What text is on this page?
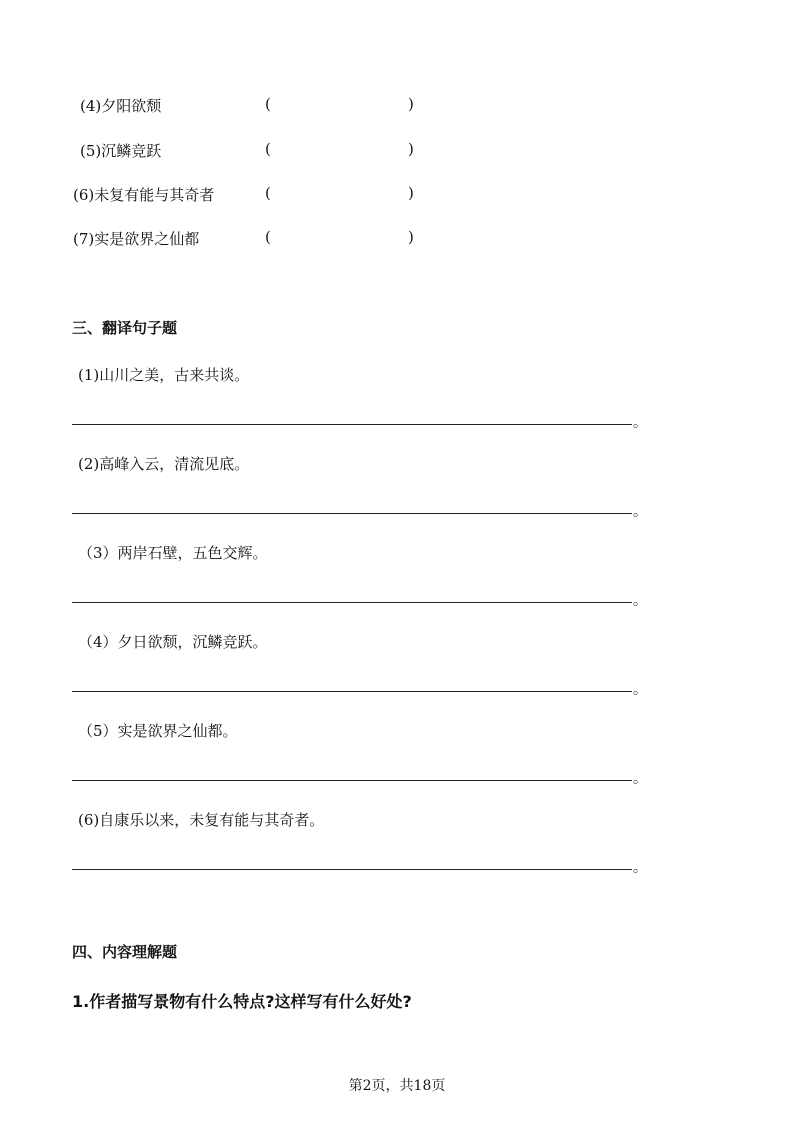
(4)夕阳欲颓	(	)
(5)沉鳞竞跃	(	)
(6)未复有能与其奇者	(	)
(7)实是欲界之仙都	(	)
三、翻译句子题
(1)山川之美，古来共谈。
。
(2)高峰入云，清流见底。
。
（3）两岸石壁，五色交辉。
。
（4）夕日欲颓，沉鳞竞跃。
。
（5）实是欲界之仙都。
。
(6)自康乐以来，未复有能与其奇者。
。
四、内容理解题
1.作者描写景物有什么特点?这样写有什么好处?
第2页，共18页
